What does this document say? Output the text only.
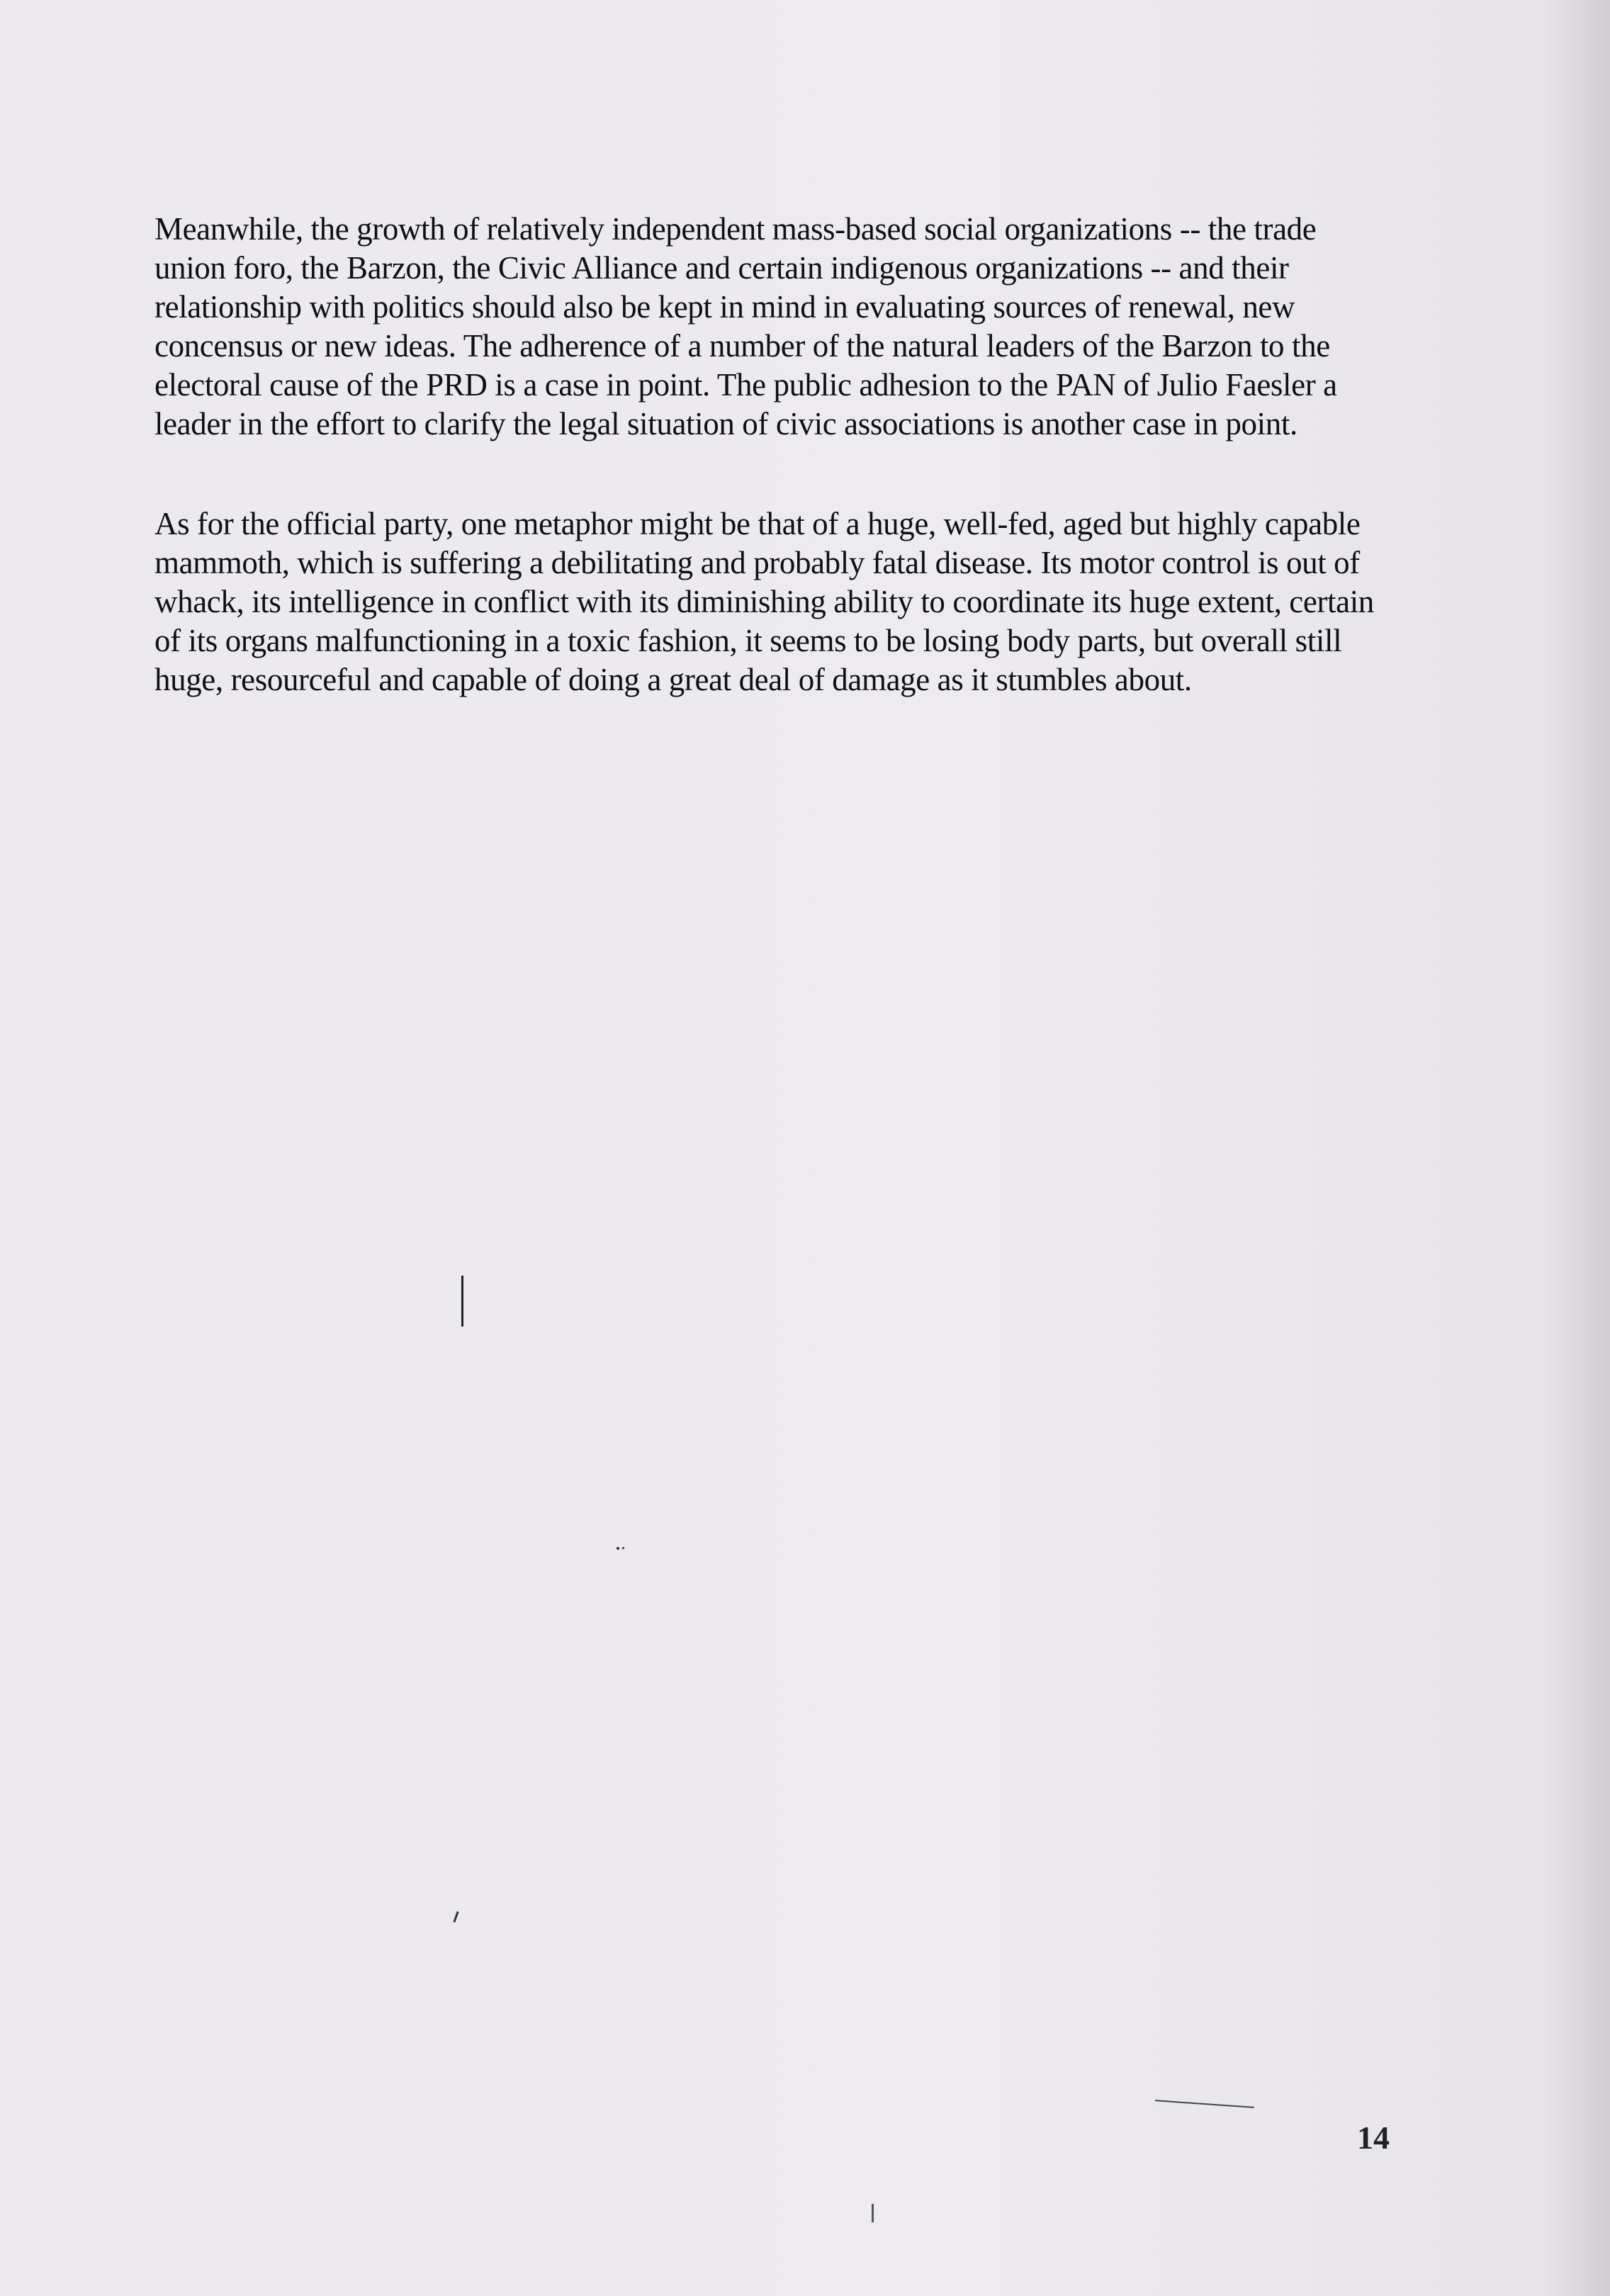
Meanwhile, the growth of relatively independent mass-based social organizations -- the trade
union foro, the Barzon, the Civic Alliance and certain indigenous organizations -- and their
relationship with politics should also be kept in mind in evaluating sources of renewal, new
concensus or new ideas. The adherence of a number of the natural leaders of the Barzon to the
electoral cause of the PRD is a case in point. The public adhesion to the PAN of Julio Faesler a
leader in the effort to clarify the legal situation of civic associations is another case in point.
As for the official party, one metaphor might be that of a huge, well-fed, aged but highly capable
mammoth, which is suffering a debilitating and probably fatal disease. Its motor control is out of
whack, its intelligence in conflict with its diminishing ability to coordinate its huge extent, certain
of its organs malfunctioning in a toxic fashion, it seems to be losing body parts, but overall still
huge, resourceful and capable of doing a great deal of damage as it stumbles about.
14
